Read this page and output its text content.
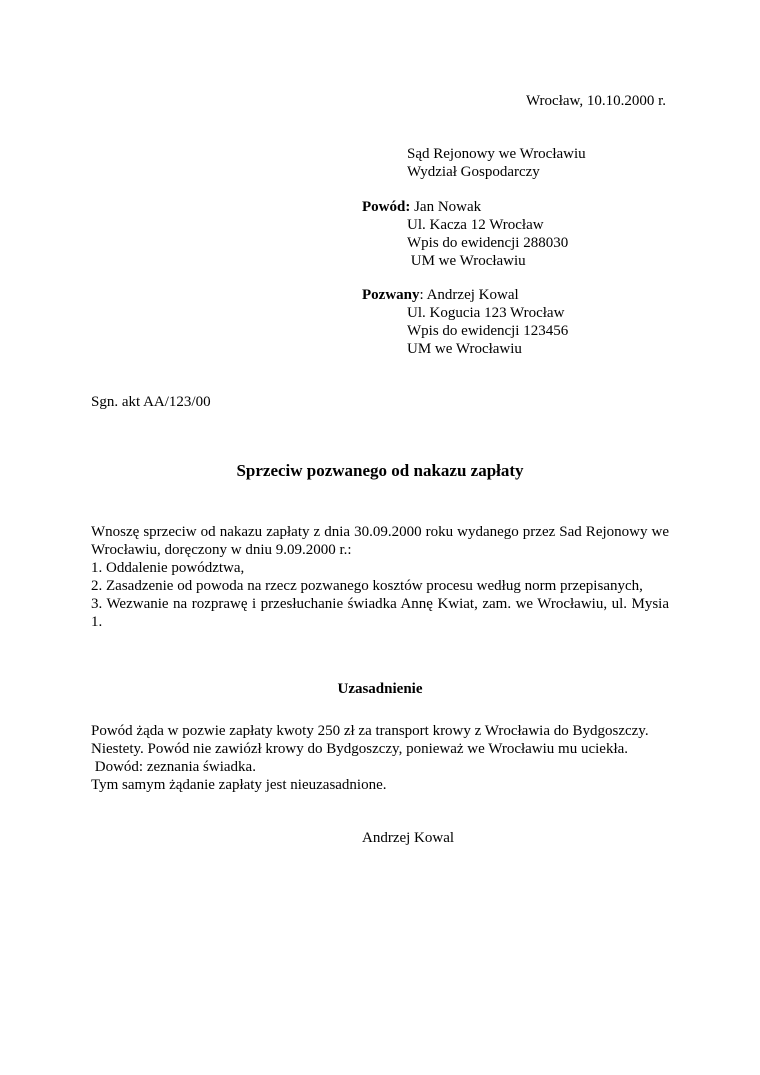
Wrocław, 10.10.2000 r.
Sąd Rejonowy we Wrocławiu
Wydział Gospodarczy
Powód: Jan Nowak
Ul. Kacza 12 Wrocław
Wpis do ewidencji 288030
UM we Wrocławiu
Pozwany: Andrzej Kowal
Ul. Kogucia 123 Wrocław
Wpis do ewidencji 123456
UM we Wrocławiu
Sgn. akt AA/123/00
Sprzeciw pozwanego od nakazu zapłaty
Wnoszę sprzeciw od nakazu zapłaty z dnia 30.09.2000 roku wydanego przez Sad Rejonowy we Wrocławiu, doręczony w dniu 9.09.2000 r.:
1. Oddalenie powództwa,
2. Zasadzenie od powoda na rzecz pozwanego kosztów procesu według norm przepisanych,
3. Wezwanie na rozprawę i przesłuchanie świadka Annę Kwiat, zam. we Wrocławiu, ul. Mysia 1.
Uzasadnienie
Powód żąda w pozwie zapłaty kwoty 250 zł za transport krowy z Wrocławia do Bydgoszczy.
Niestety. Powód nie zawiózł krowy do Bydgoszczy, ponieważ we Wrocławiu mu uciekła.
Dowód: zeznania świadka.
Tym samym żądanie zapłaty jest nieuzasadnione.
Andrzej Kowal
